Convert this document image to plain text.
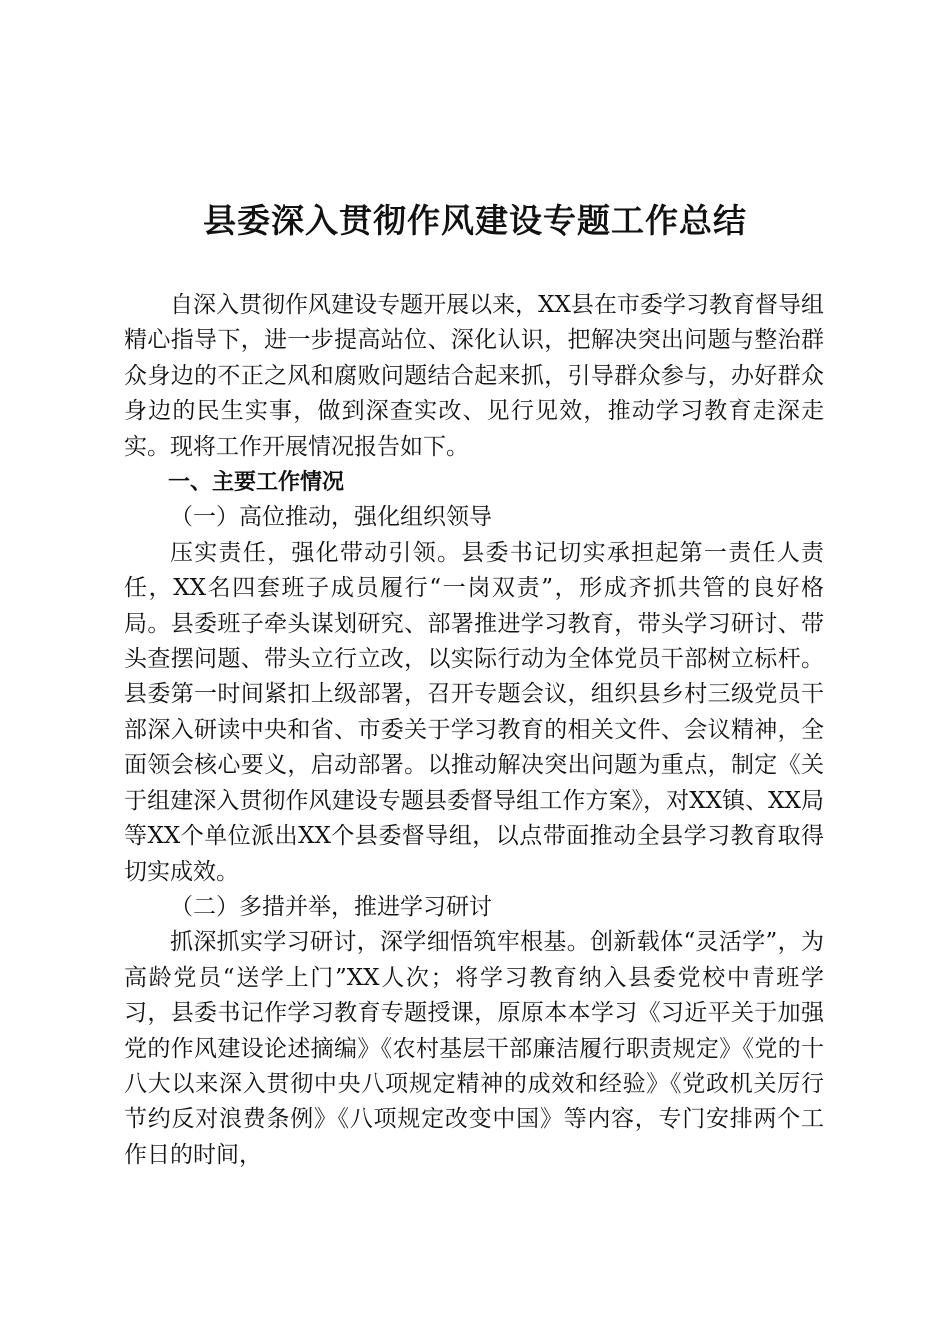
县委深入贯彻作风建设专题工作总结

自深入贯彻作风建设专题开展以来，XX县在市委学习教育督导组精心指导下，进一步提高站位、深化认识，把解决突出问题与整治群众身边的不正之风和腐败问题结合起来抓，引导群众参与，办好群众身边的民生实事，做到深查实改、见行见效，推动学习教育走深走实。现将工作开展情况报告如下。

一、主要工作情况

（一）高位推动，强化组织领导

压实责任，强化带动引领。县委书记切实承担起第一责任人责任，XX名四套班子成员履行“一岗双责”，形成齐抓共管的良好格局。县委班子牵头谋划研究、部署推进学习教育，带头学习研讨、带头查摆问题、带头立行立改，以实际行动为全体党员干部树立标杆。县委第一时间紧扣上级部署，召开专题会议，组织县乡村三级党员干部深入研读中央和省、市委关于学习教育的相关文件、会议精神，全面领会核心要义，启动部署。以推动解决突出问题为重点，制定《关于组建深入贯彻作风建设专题县委督导组工作方案》，对XX镇、XX局等XX个单位派出XX个县委督导组，以点带面推动全县学习教育取得切实成效。

（二）多措并举，推进学习研讨

抓深抓实学习研讨，深学细悟筑牢根基。创新载体“灵活学”，为高龄党员“送学上门”XX人次；将学习教育纳入县委党校中青班学习，县委书记作学习教育专题授课，原原本本学习《习近平关于加强党的作风建设论述摘编》《农村基层干部廉洁履行职责规定》《党的十八大以来深入贯彻中央八项规定精神的成效和经验》《党政机关厉行节约反对浪费条例》《八项规定改变中国》等内容，专门安排两个工作日的时间，
